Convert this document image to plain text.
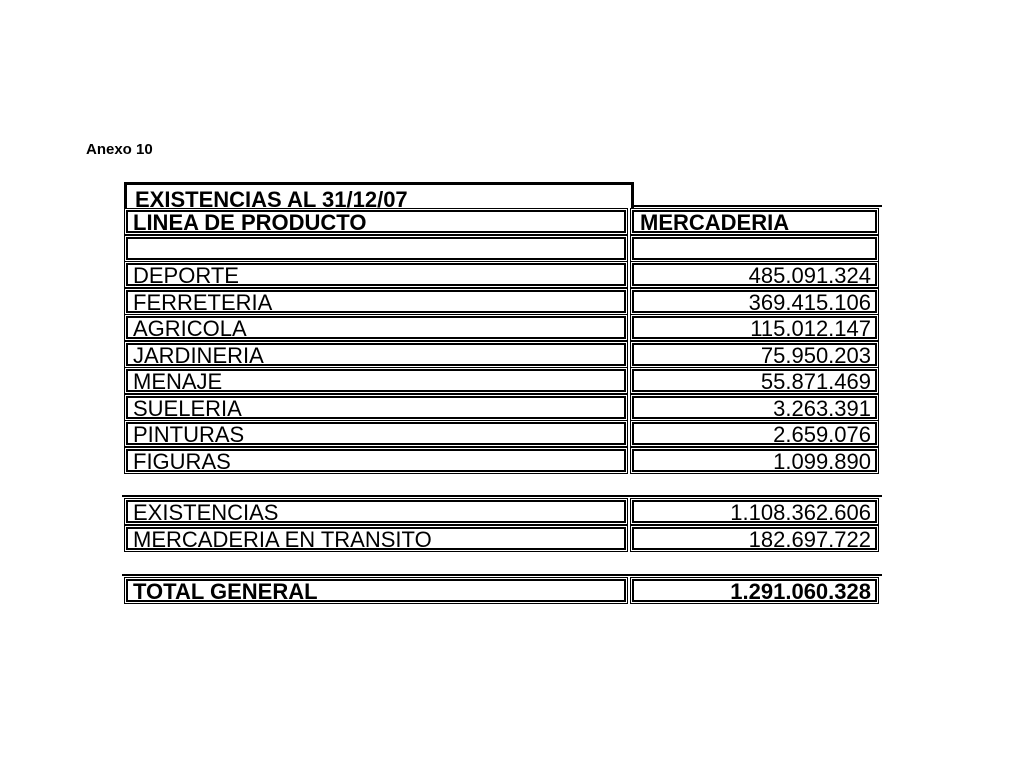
Anexo 10
EXISTENCIAS AL 31/12/07
LINEA DE PRODUCTO	MERCADERIA
DEPORTE	485.091.324
FERRETERIA	369.415.106
AGRICOLA	115.012.147
JARDINERIA	75.950.203
MENAJE	55.871.469
SUELERIA	3.263.391
PINTURAS	2.659.076
FIGURAS	1.099.890
EXISTENCIAS	1.108.362.606
MERCADERIA EN TRANSITO	182.697.722
TOTAL GENERAL	1.291.060.328
